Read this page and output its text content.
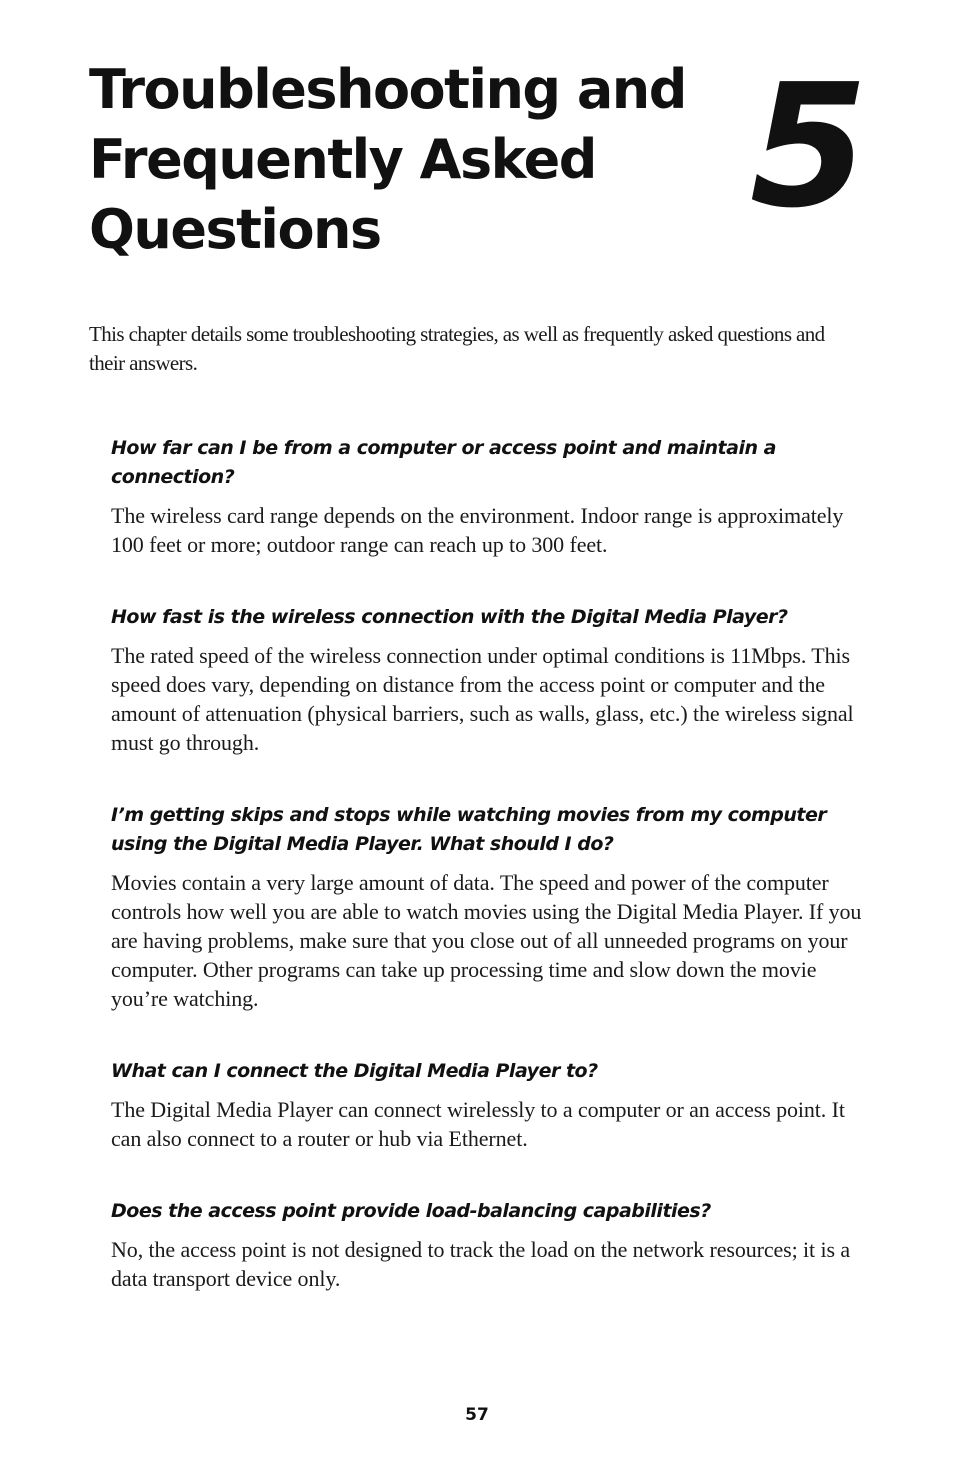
Troubleshooting and
Frequently Asked
Questions	5

This chapter details some troubleshooting strategies, as well as frequently asked questions and their answers.

How far can I be from a computer or access point and maintain a connection?

The wireless card range depends on the environment. Indoor range is approximately 100 feet or more; outdoor range can reach up to 300 feet.

How fast is the wireless connection with the Digital Media Player?

The rated speed of the wireless connection under optimal conditions is 11Mbps. This speed does vary, depending on distance from the access point or computer and the amount of attenuation (physical barriers, such as walls, glass, etc.) the wireless signal must go through.

I’m getting skips and stops while watching movies from my computer using the Digital Media Player. What should I do?

Movies contain a very large amount of data. The speed and power of the computer controls how well you are able to watch movies using the Digital Media Player. If you are having problems, make sure that you close out of all unneeded programs on your computer. Other programs can take up processing time and slow down the movie you’re watching.

What can I connect the Digital Media Player to?

The Digital Media Player can connect wirelessly to a computer or an access point. It can also connect to a router or hub via Ethernet.

Does the access point provide load-balancing capabilities?

No, the access point is not designed to track the load on the network resources; it is a data transport device only.

57
